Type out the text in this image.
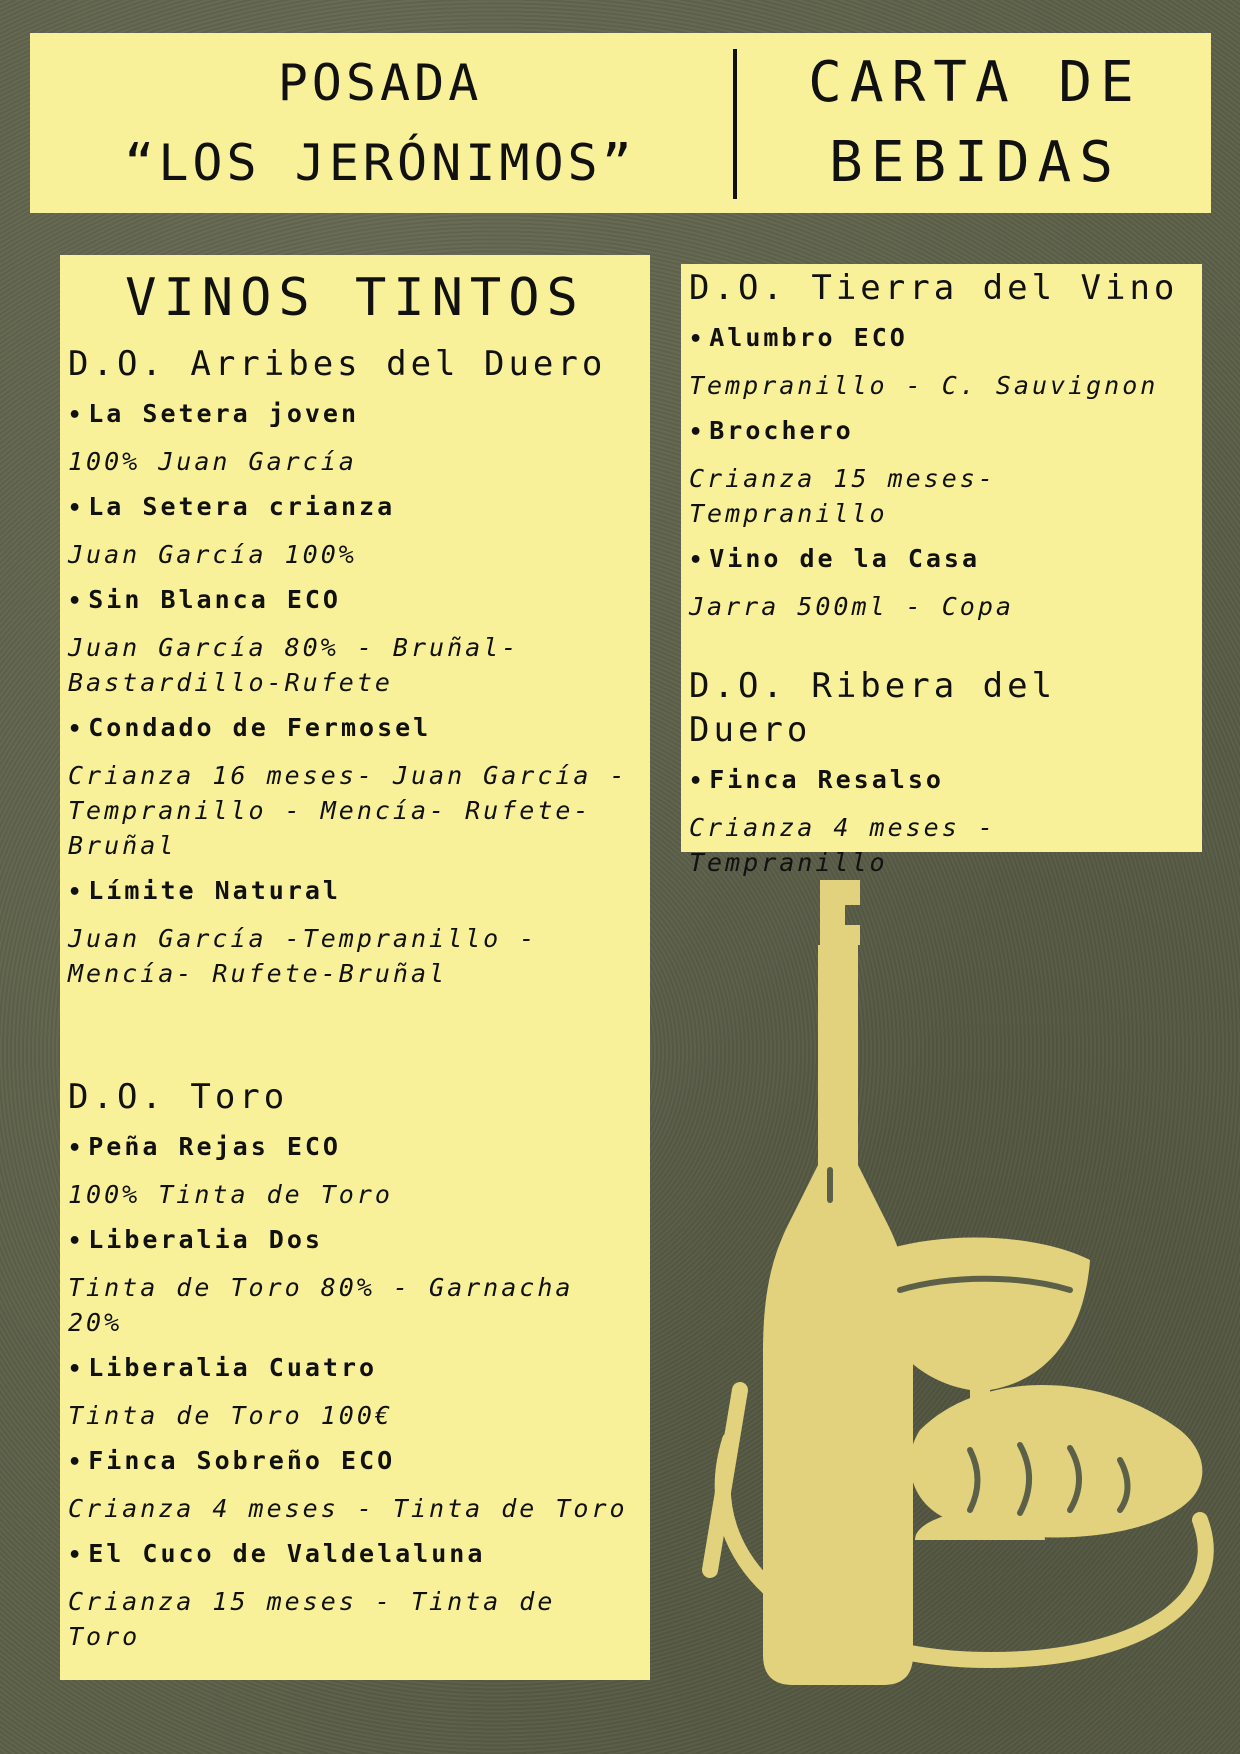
POSADA
“LOS JERÓNIMOS”
CARTA DE
BEBIDAS
VINOS TINTOS
D.O. Arribes del Duero
• La Setera joven
100% Juan García
• La Setera crianza
Juan García 100%
• Sin Blanca ECO
Juan García 80% - Bruñal-Bastardillo-Rufete
• Condado de Fermosel
Crianza 16 meses- Juan García - Tempranillo - Mencía- Rufete-Bruñal
• Límite Natural
Juan García -Tempranillo - Mencía- Rufete-Bruñal
D.O. Toro
• Peña Rejas ECO
100% Tinta de Toro
• Liberalia Dos
Tinta de Toro 80% - Garnacha 20%
• Liberalia Cuatro
Tinta de Toro 100€
• Finca Sobreño ECO
Crianza 4 meses - Tinta de Toro
• El Cuco de Valdelaluna
Crianza 15 meses - Tinta de Toro
D.O. Tierra del Vino
• Alumbro ECO
Tempranillo - C. Sauvignon
• Brochero
Crianza 15 meses-Tempranillo
• Vino de la Casa
Jarra 500ml - Copa
D.O. Ribera del Duero
• Finca Resalso
Crianza 4 meses - Tempranillo
